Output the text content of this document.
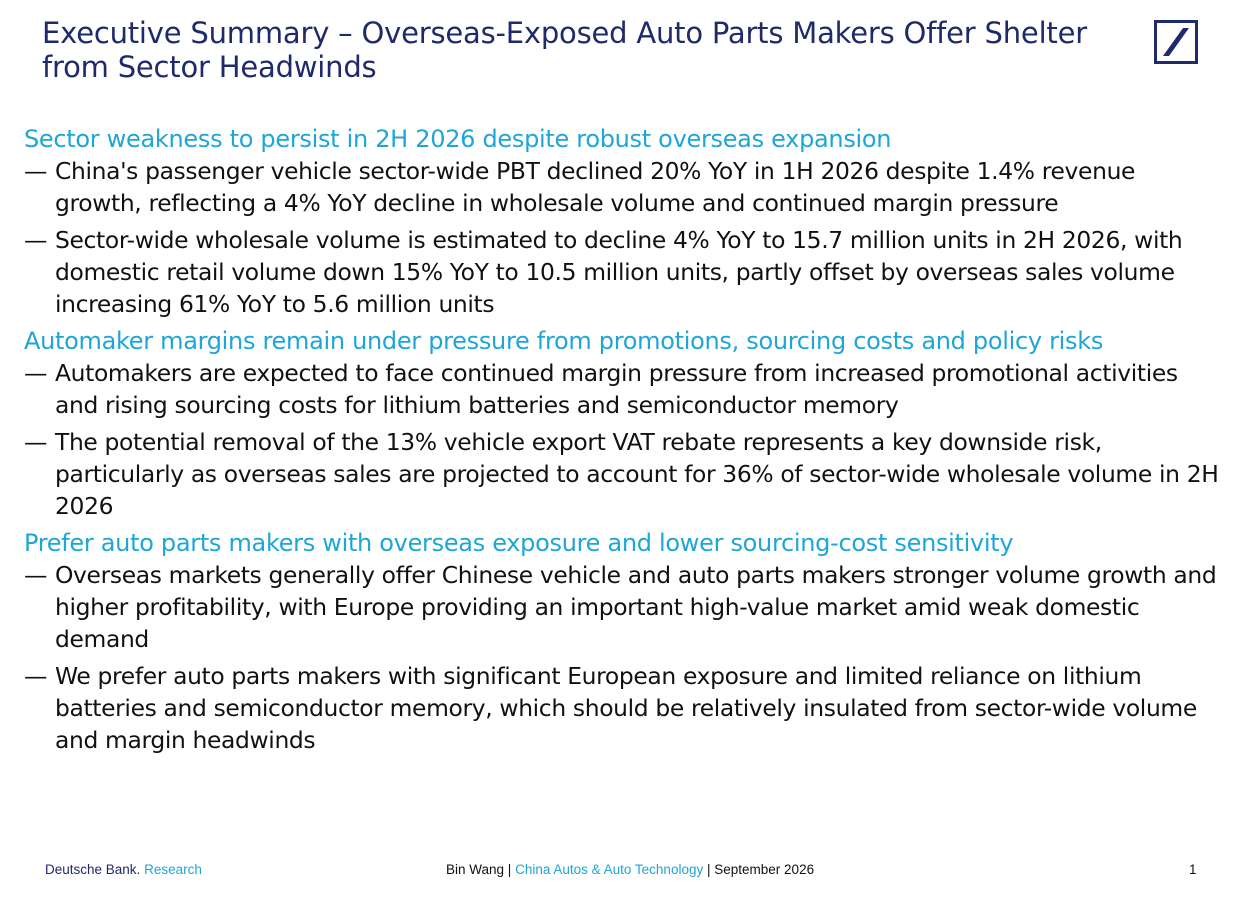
Executive Summary – Overseas-Exposed Auto Parts Makers Offer Shelter
from Sector Headwinds

Sector weakness to persist in 2H 2026 despite robust overseas expansion

— China's passenger vehicle sector-wide PBT declined 20% YoY in 1H 2026 despite 1.4% revenue growth, reflecting a 4% YoY decline in wholesale volume and continued margin pressure
— Sector-wide wholesale volume is estimated to decline 4% YoY to 15.7 million units in 2H 2026, with domestic retail volume down 15% YoY to 10.5 million units, partly offset by overseas sales volume increasing 61% YoY to 5.6 million units

Automaker margins remain under pressure from promotions, sourcing costs and policy risks

— Automakers are expected to face continued margin pressure from increased promotional activities and rising sourcing costs for lithium batteries and semiconductor memory
— The potential removal of the 13% vehicle export VAT rebate represents a key downside risk, particularly as overseas sales are projected to account for 36% of sector-wide wholesale volume in 2H 2026

Prefer auto parts makers with overseas exposure and lower sourcing-cost sensitivity

— Overseas markets generally offer Chinese vehicle and auto parts makers stronger volume growth and higher profitability, with Europe providing an important high-value market amid weak domestic demand
— We prefer auto parts makers with significant European exposure and limited reliance on lithium batteries and semiconductor memory, which should be relatively insulated from sector-wide volume and margin headwinds
Deutsche Bank. Research	Bin Wang | China Autos & Auto Technology | September 2026	1
